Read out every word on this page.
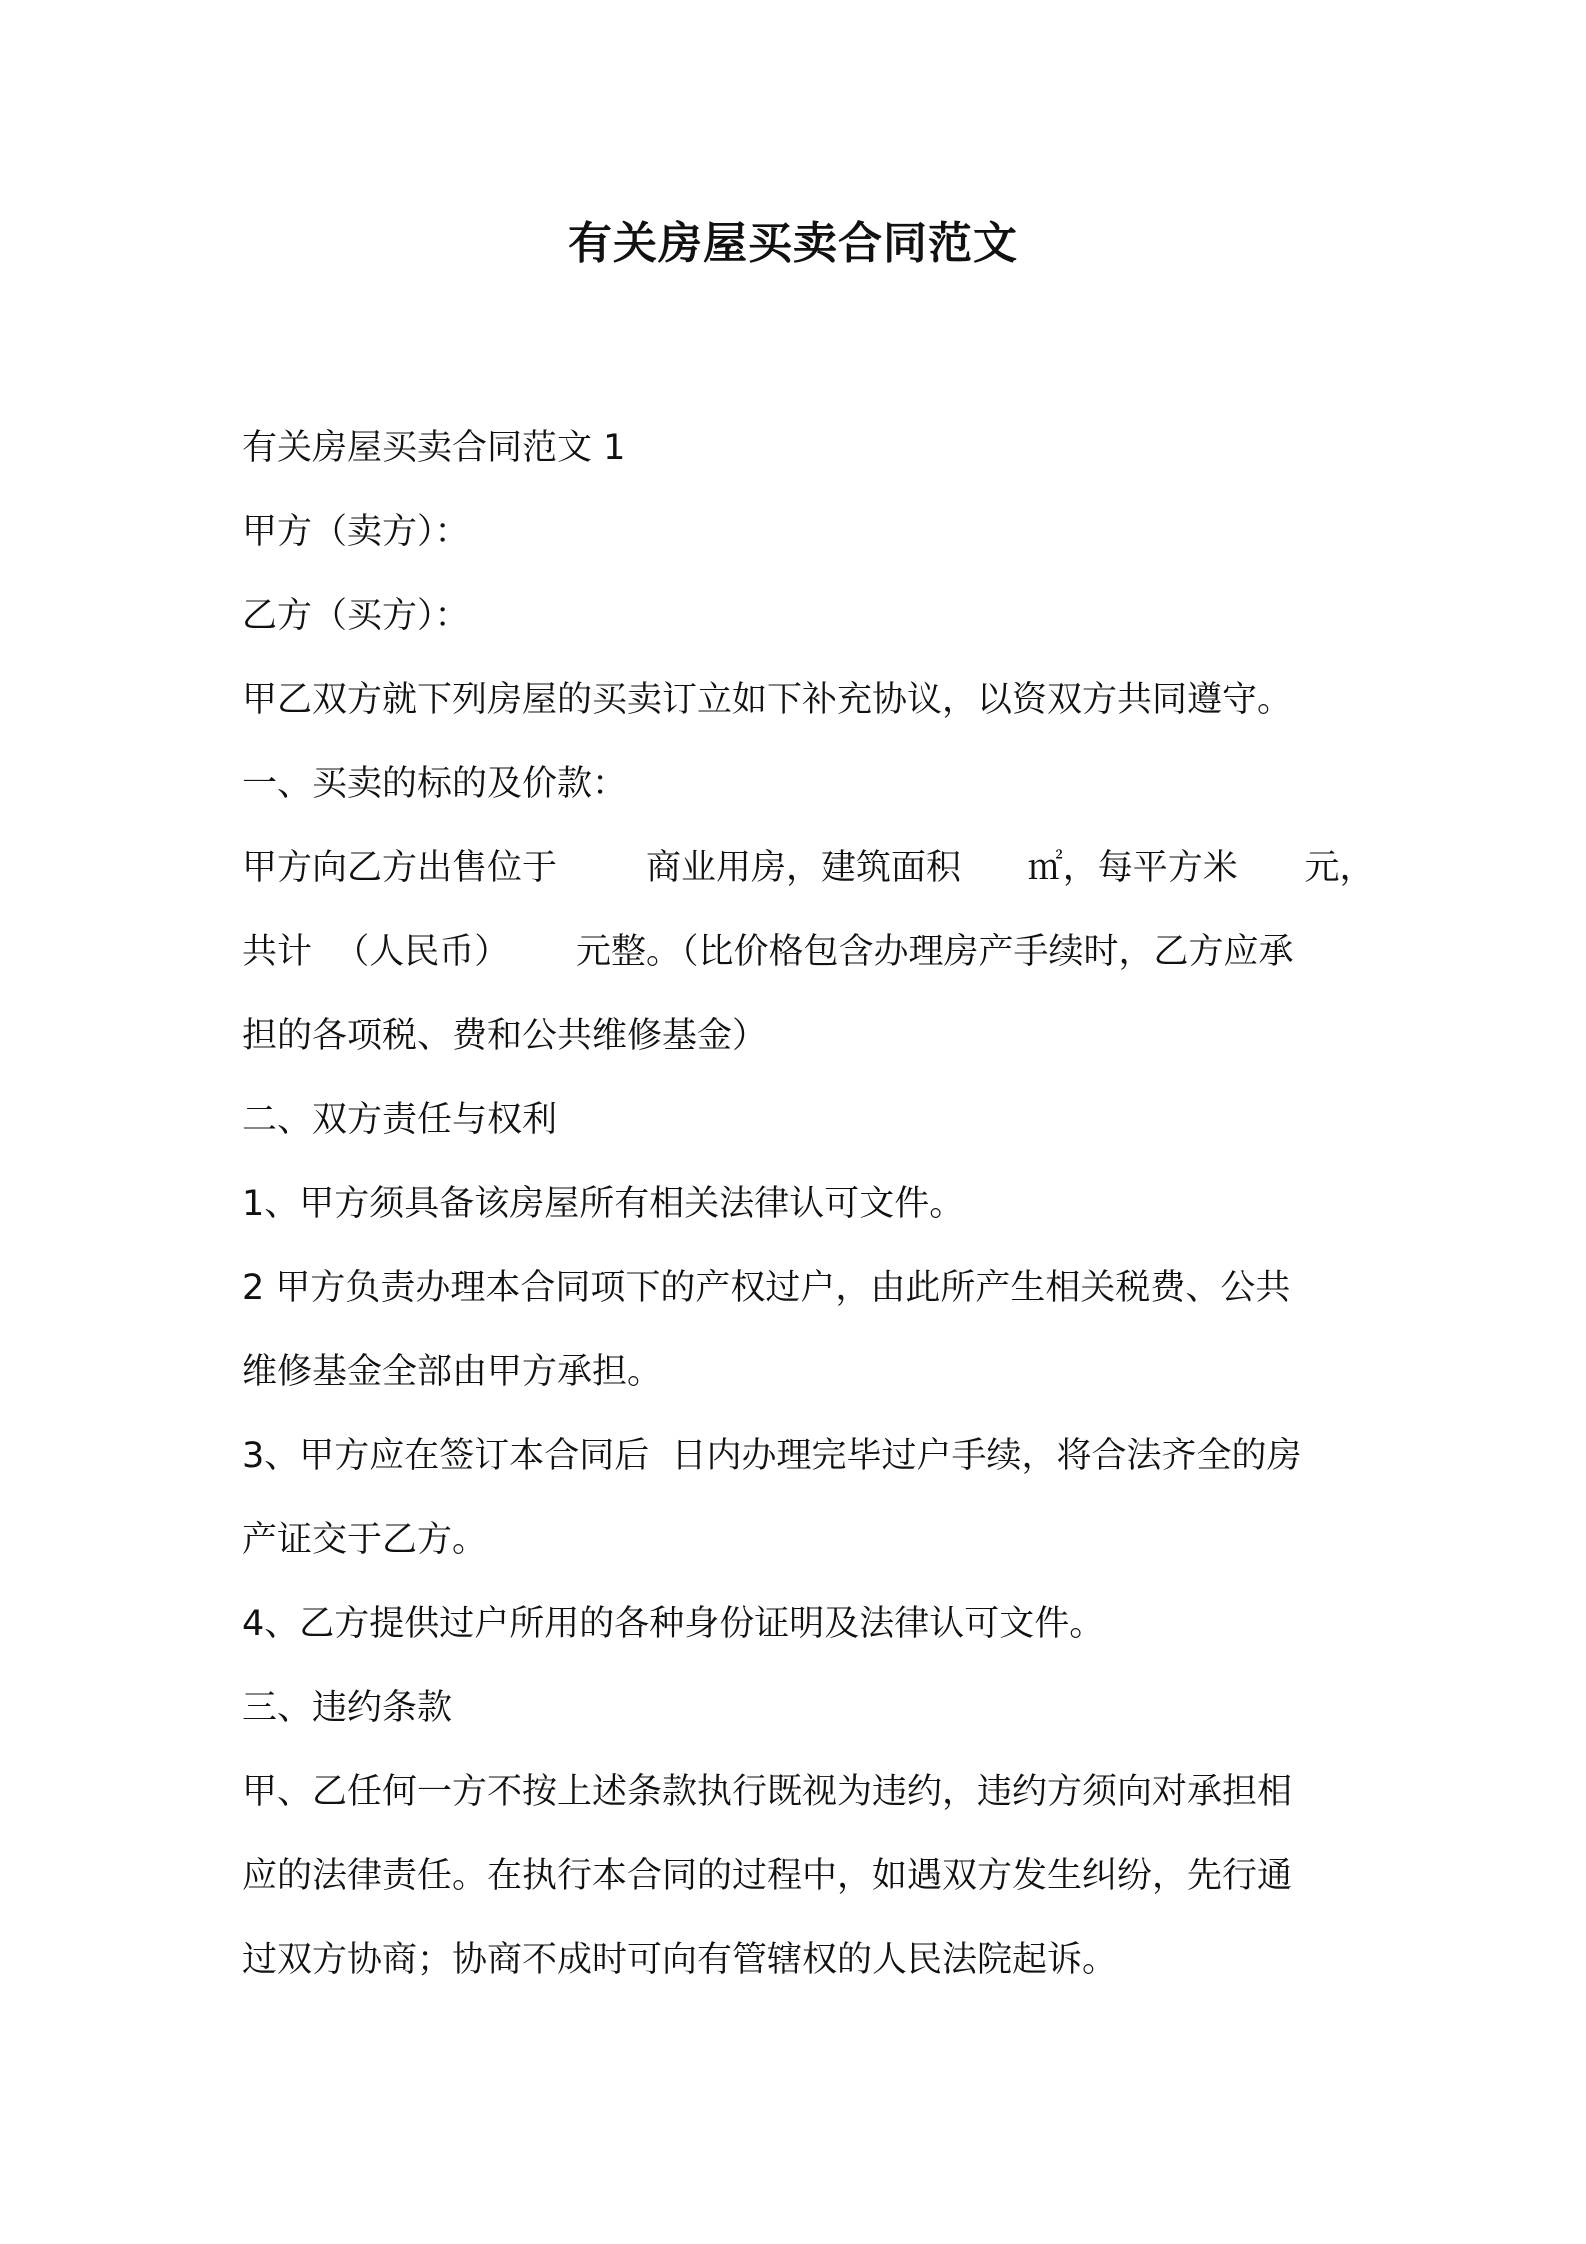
有关房屋买卖合同范文
有关房屋买卖合同范文 1
甲方（卖方）：
乙方（买方）：
甲乙双方就下列房屋的买卖订立如下补充协议，以资双方共同遵守。
一、买卖的标的及价款：
甲方向乙方出售位于        商业用房，建筑面积      ㎡，每平方米      元，
共计  （人民币）      元整。（比价格包含办理房产手续时，乙方应承
担的各项税、费和公共维修基金）
二、双方责任与权利
1、甲方须具备该房屋所有相关法律认可文件。
2 甲方负责办理本合同项下的产权过户，由此所产生相关税费、公共
维修基金全部由甲方承担。
3、甲方应在签订本合同后  日内办理完毕过户手续，将合法齐全的房
产证交于乙方。
4、乙方提供过户所用的各种身份证明及法律认可文件。
三、违约条款
甲、乙任何一方不按上述条款执行既视为违约，违约方须向对承担相
应的法律责任。在执行本合同的过程中，如遇双方发生纠纷，先行通
过双方协商；协商不成时可向有管辖权的人民法院起诉。
